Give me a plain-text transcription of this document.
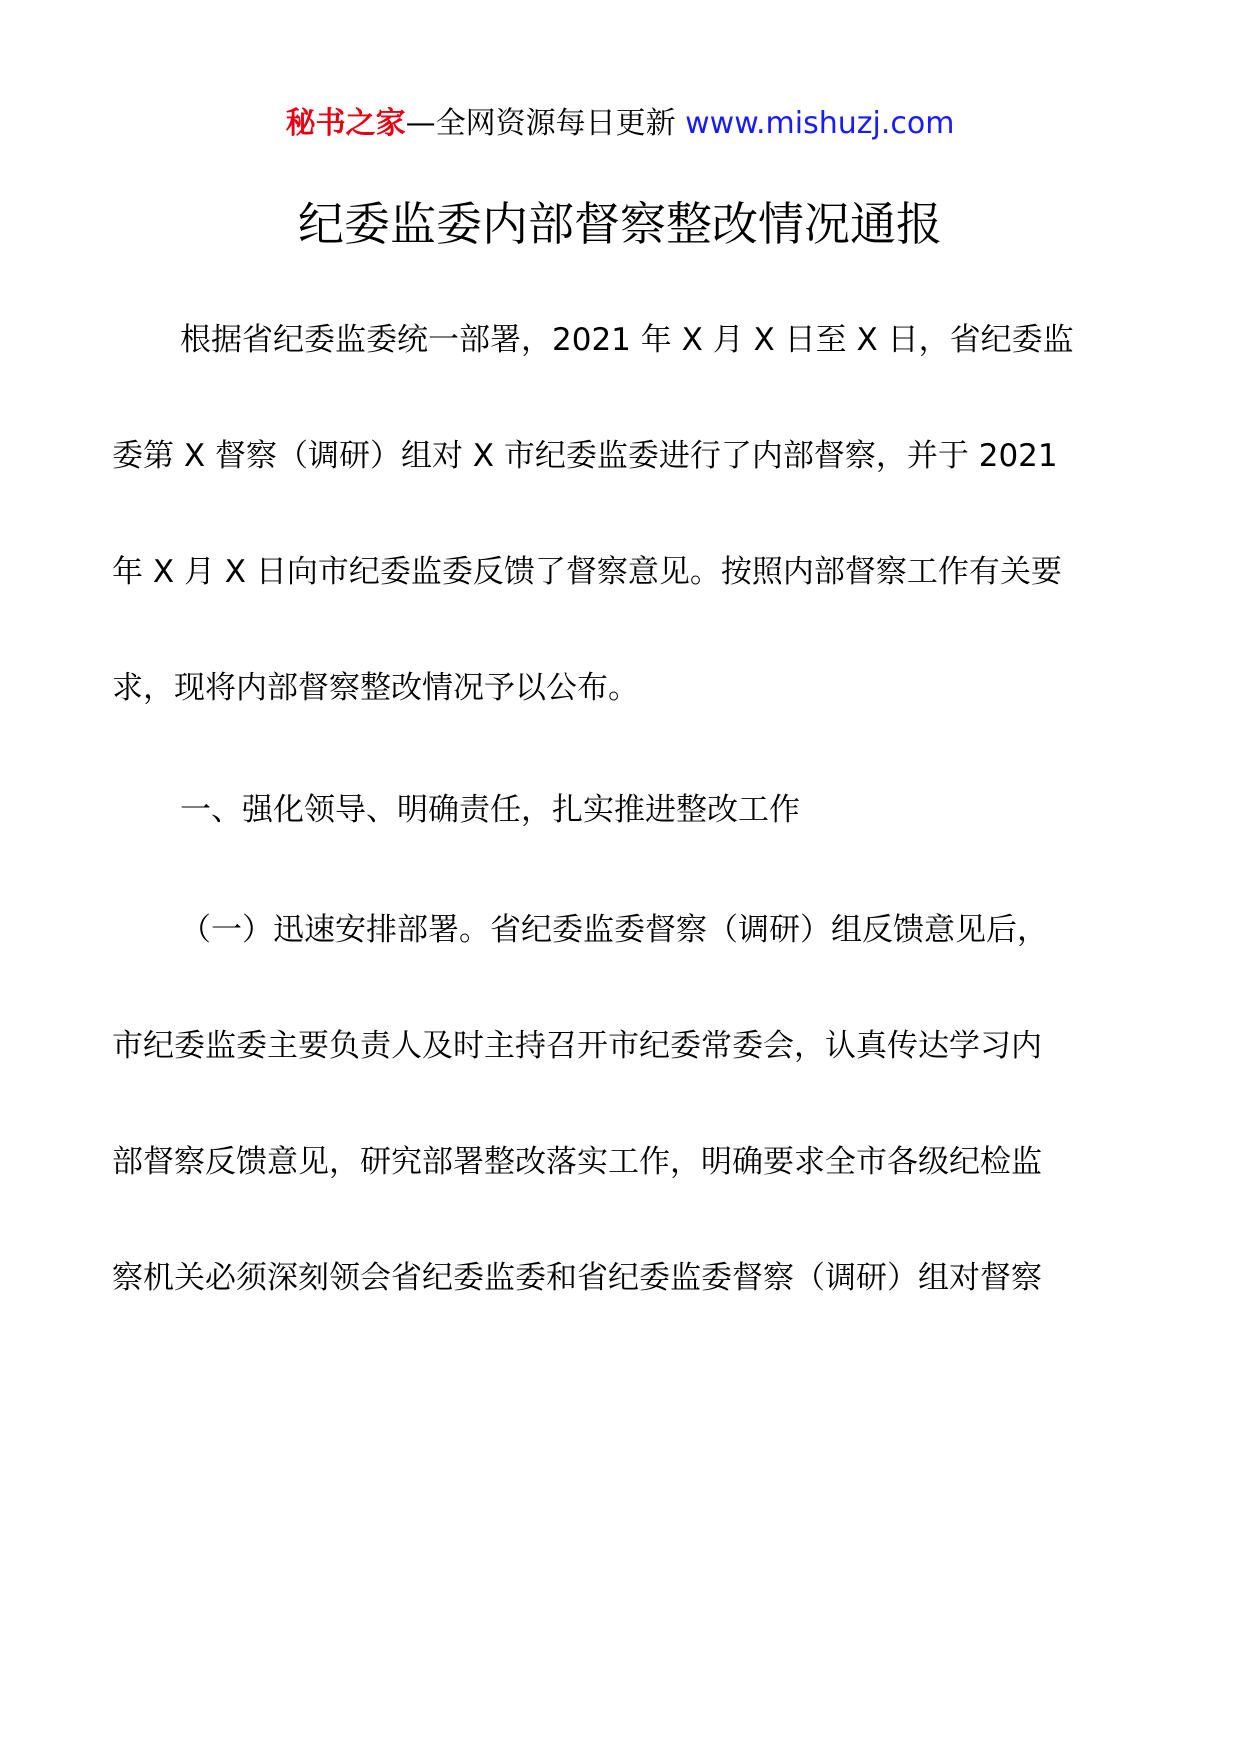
秘书之家—全网资源每日更新 www.mishuzj.com
纪委监委内部督察整改情况通报
根据省纪委监委统一部署，2021 年 X 月 X 日至 X 日，省纪委监
委第 X 督察（调研）组对 X 市纪委监委进行了内部督察，并于 2021
年 X 月 X 日向市纪委监委反馈了督察意见。按照内部督察工作有关要
求，现将内部督察整改情况予以公布。
一、强化领导、明确责任，扎实推进整改工作
（一）迅速安排部署。省纪委监委督察（调研）组反馈意见后，
市纪委监委主要负责人及时主持召开市纪委常委会，认真传达学习内
部督察反馈意见，研究部署整改落实工作，明确要求全市各级纪检监
察机关必须深刻领会省纪委监委和省纪委监委督察（调研）组对督察
